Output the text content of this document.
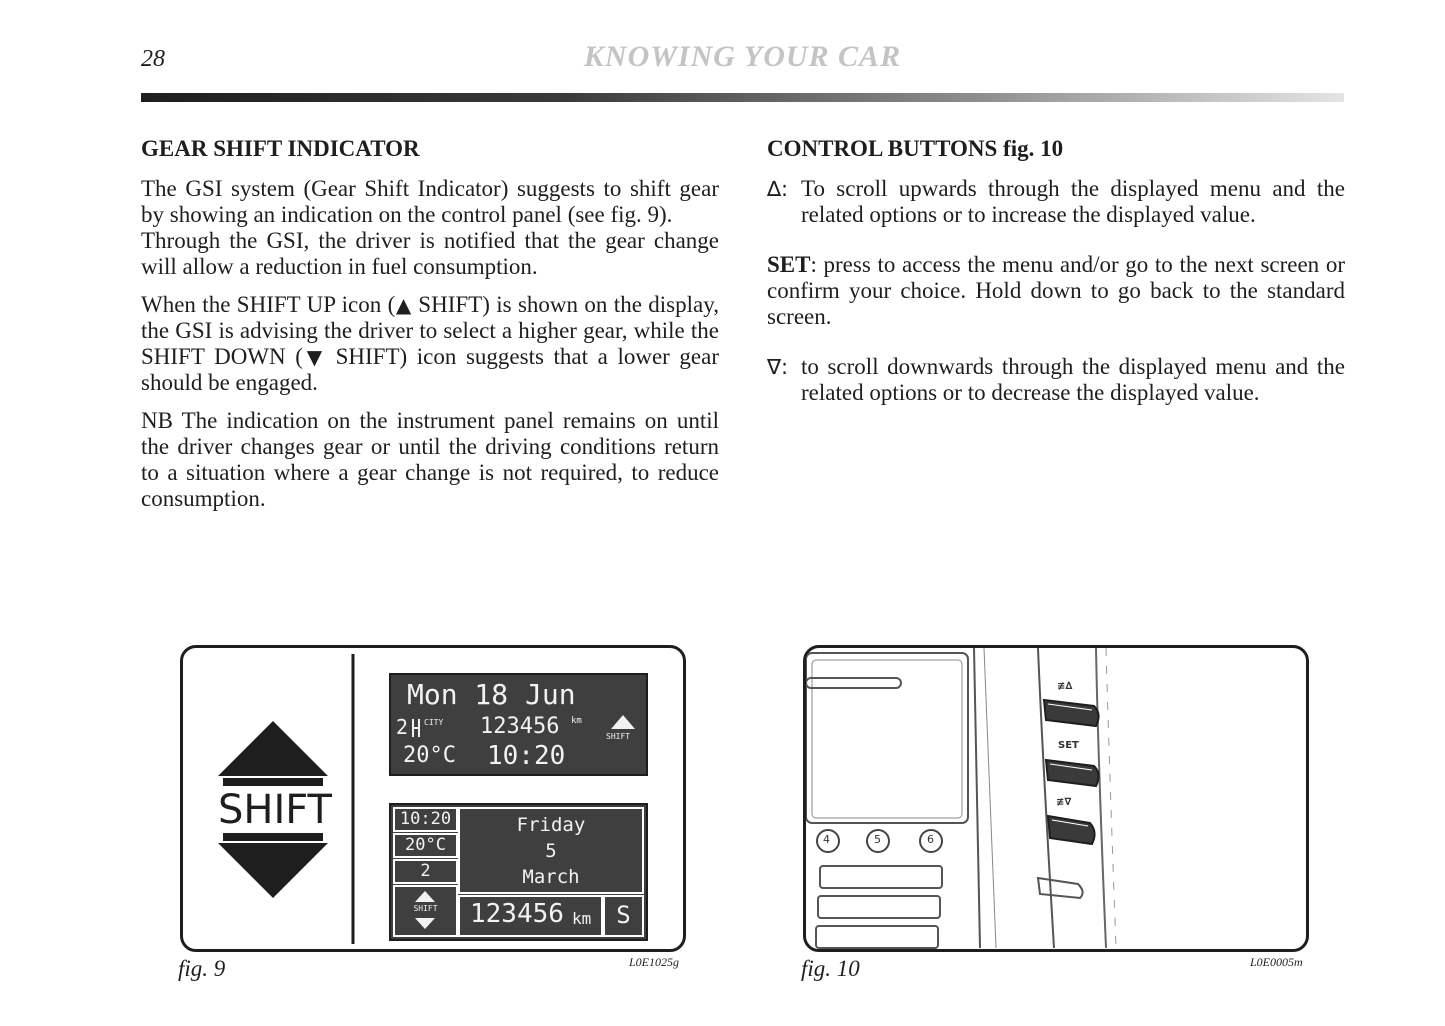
28	KNOWING YOUR CAR
GEAR SHIFT INDICATOR

The GSI system (Gear Shift Indicator) suggests to shift gear by showing an indication on the control panel (see fig. 9).

Through the GSI, the driver is notified that the gear change will allow a reduction in fuel consumption.

When the SHIFT UP icon (▲ SHIFT) is shown on the display, the GSI is advising the driver to select a higher gear, while the SHIFT DOWN (▼ SHIFT) icon suggests that a lower gear should be engaged.

NB The indication on the instrument panel remains on until the driver changes gear or until the driving conditions return to a situation where a gear change is not required, to reduce consumption.

CONTROL BUTTONS fig. 10
∆: To scroll upwards through the displayed menu and the related options or to increase the displayed value.
SET: press to access the menu and/or go to the next screen or confirm your choice. Hold down to go back to the standard screen.
∇: to scroll downwards through the displayed menu and the related options or to decrease the displayed value.
SHIFT
Mon 18 Jun
2 CITY 123456 km
SHIFT
20°C 10:20
10:20
20°C
2
SHIFT
Friday
5
March
123456 km	S
fig. 9	L0E1025g
≢∆
SET
≢∇
4	5	6
fig. 10	L0E0005m
